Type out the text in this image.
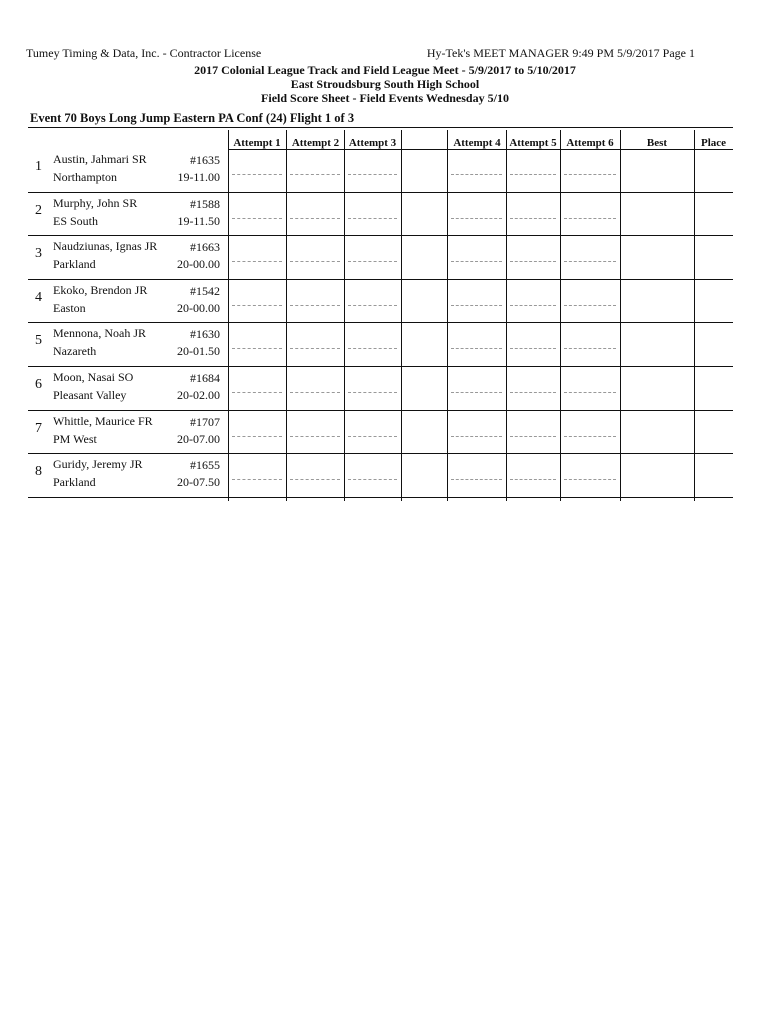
Tumey Timing & Data, Inc. - Contractor License	Hy-Tek's MEET MANAGER 9:49 PM 5/9/2017 Page 1
2017 Colonial League Track and Field League Meet - 5/9/2017 to 5/10/2017
East Stroudsburg South High School
Field Score Sheet - Field Events Wednesday 5/10
Event 70 Boys Long Jump Eastern PA Conf (24) Flight 1 of 3
Attempt 1	Attempt 2 Attempt 3	Attempt 4 Attempt 5 Attempt 6	Best	Place
1 Austin, Jahmari SR	#1635
Northampton	19-11.00
2 Murphy, John SR	#1588
ES South	19-11.50
3 Naudziunas, Ignas JR	#1663
Parkland	20-00.00
4 Ekoko, Brendon JR	#1542
Easton	20-00.00
5 Mennona, Noah JR	#1630
Nazareth	20-01.50
6 Moon, Nasai SO	#1684
Pleasant Valley	20-02.00
7 Whittle, Maurice FR	#1707
PM West	20-07.00
8 Guridy, Jeremy JR	#1655
Parkland	20-07.50
